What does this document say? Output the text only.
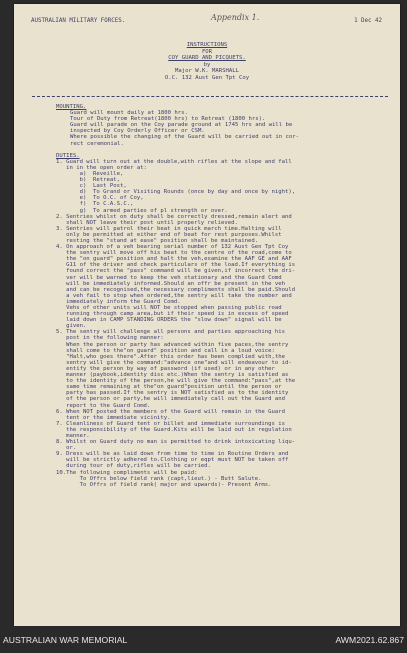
AUSTRALIAN MILITARY FORCES.	Appendix 1.	1 Dec 42
INSTRUCTIONS
FOR
COY GUARD AND PICQUETS.
by
Major W.K. MARSHALL
O.C. 132 Aust Gen Tpt Coy
MOUNTING.
Guard will mount daily at 1800 hrs.
Tour of Duty from Retreat(1800 hrs) to Retreat (1800 hrs).
Guard will parade on the Coy parade ground at 1745 hrs and will be
inspected by Coy Orderly Officer or CSM.
Where possible the changing of the Guard will be carried out in cor-
rect ceremonial.
DUTIES.
1. Guard will turn out at the double,with rifles at the slope and fall
in in the open order at:
a)  Reveille,
b)  Retreat,
c)  Last Post,
d)  To Grand or Visiting Rounds (once by day and once by night),
e)  To O.C. of Coy,
f)  To C.A.S.C.,
g)  To armed parties of pl strength or over.
2. Sentries whilst on duty shall be correctly dressed,remain alert and
shall NOT leave their post until properly relieved.
3. Sentries will patrol their beat in quick march time.Halting will
only be permitted at either end of beat for rest purposes.Whilst
resting the "stand at ease" position shall be maintained.
4. On approach of a veh bearing serial number of 132 Aust Gen Tpt Coy
the sentry will move off his beat to the centre of the road,come to
the "on guard" position and halt the veh,examine the AAF GE and AAF
G11 of the driver and check particulars of the load.If everything is
found correct the "pass" command will be given,if incorrect the dri-
ver will be warned to keep the veh stationary and the Guard Comd
will be immediately informed.Should an offr be present in the veh
and can be recognised,the necessary compliments shall be paid.Should
a veh fail to stop when ordered,the sentry will take the number and
immediately inform the Guard Comd.
Vehs of other units will NOT be stopped when passing public road
running through camp area,but if their speed is in excess of speed
laid down in CAMP STANDING ORDERS the "slow down" signal will be
given.
5. The sentry will challenge all persons and parties approaching his
post in the following manner:
When the person or party has advanced within five paces,the sentry
shall come to the"on guard" position and call in a loud voice:
"Halt,who goes there".After this order has been complied with,the
sentry will give the command:"advance one"and will endeavour to id-
entify the person by way of password (if used) or in any other
manner (paybook,identity disc etc.)When the sentry is satisfied as
to the identity of the person,he will give the command:"pass",at the
same time remaining at the"on guard"position until the person or
party has passed.If the sentry is NOT satisfied as to the identity
of the person or party,he will immediately call out the Guard and
report to the Guard Comd.
6. When NOT posted the members of the Guard will remain in the Guard
tent or the immediate vicinity.
7. Cleanliness of Guard tent or billet and immediate surroundings is
the responsibility of the Guard.Kits will be laid out in regulation
manner.
8. Whilst on Guard duty no man is permitted to drink intoxicating liqu-
or.
9. Dress will be as laid down from time to time in Routine Orders and
will be strictly adhered to.Clothing or eqpt must NOT be taken off
during tour of duty,rifles will be carried.
10.The following compliments will be paid:
To Offrs below field rank (capt,lieut.) - Butt Salute.
To Offrs of field rank( major and upwards)- Present Arms.
AUSTRALIAN WAR MEMORIAL	AWM2021.62.867
